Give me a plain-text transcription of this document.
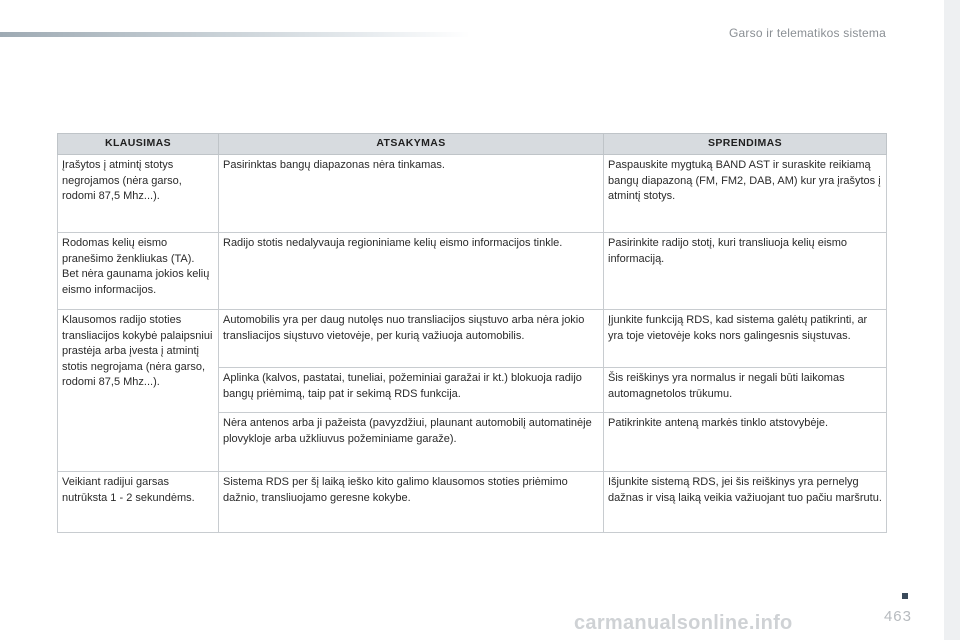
Garso ir telematikos sistema
KLAUSIMAS	ATSAKYMAS	SPRENDIMAS
Įrašytos į atmintį stotys negrojamos (nėra garso, rodomi 87,5 Mhz...).	Pasirinktas bangų diapazonas nėra tinkamas.	Paspauskite mygtuką BAND AST ir suraskite reikiamą bangų diapazoną (FM, FM2, DAB, AM) kur yra įrašytos į atmintį stotys.
Rodomas kelių eismo pranešimo ženkliukas (TA). Bet nėra gaunama jokios kelių eismo informacijos.	Radijo stotis nedalyvauja regioniniame kelių eismo informacijos tinkle.	Pasirinkite radijo stotį, kuri transliuoja kelių eismo informaciją.
Klausomos radijo stoties transliacijos kokybė palaipsniui prastėja arba įvesta į atmintį stotis negrojama (nėra garso, rodomi 87,5 Mhz...).	Automobilis yra per daug nutolęs nuo transliacijos siųstuvo arba nėra jokio transliacijos siųstuvo vietovėje, per kurią važiuoja automobilis.	Įjunkite funkciją RDS, kad sistema galėtų patikrinti, ar yra toje vietovėje koks nors galingesnis siųstuvas.
	Aplinka (kalvos, pastatai, tuneliai, požeminiai garažai ir kt.) blokuoja radijo bangų priėmimą, taip pat ir sekimą RDS funkcija.	Šis reiškinys yra normalus ir negali būti laikomas automagnetolos trūkumu.
	Nėra antenos arba ji pažeista (pavyzdžiui, plaunant automobilį automatinėje plovykloje arba užkliuvus požeminiame garaže).	Patikrinkite anteną markės tinklo atstovybėje.
Veikiant radijui garsas nutrūksta 1 - 2 sekundėms.	Sistema RDS per šį laiką ieško kito galimo klausomos stoties priėmimo dažnio, transliuojamo geresne kokybe.	Išjunkite sistemą RDS, jei šis reiškinys yra pernelyg dažnas ir visą laiką veikia važiuojant tuo pačiu maršrutu.
463
carmanualsonline.info
